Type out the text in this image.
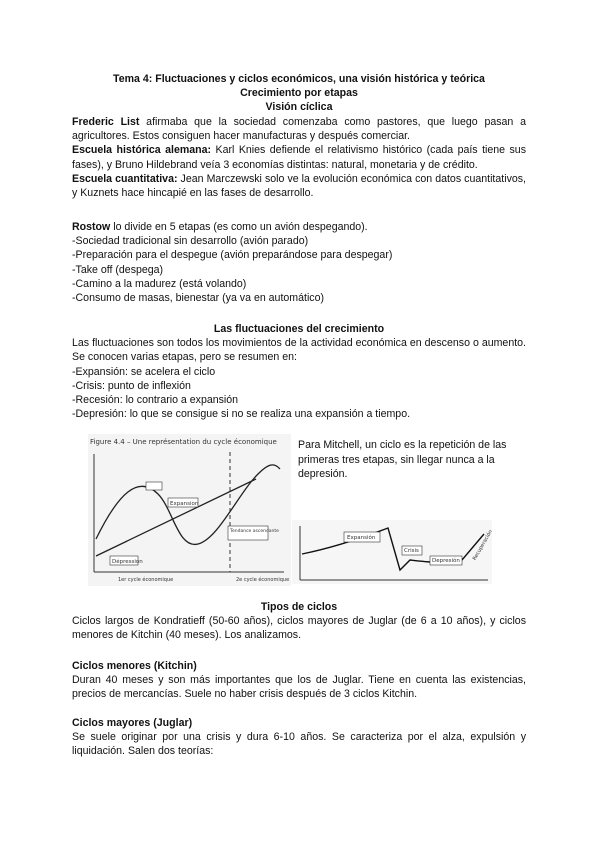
Tema 4: Fluctuaciones y ciclos económicos, una visión histórica y teórica

Crecimiento por etapas

Visión cíclica

Frederic List afirmaba que la sociedad comenzaba como pastores, que luego pasan a agricultores. Estos consiguen hacer manufacturas y después comerciar.

Escuela histórica alemana: Karl Knies defiende el relativismo histórico (cada país tiene sus fases), y Bruno Hildebrand veía 3 economías distintas: natural, monetaria y de crédito.

Escuela cuantitativa: Jean Marczewski solo ve la evolución económica con datos cuantitativos, y Kuznets hace hincapié en las fases de desarrollo.

Rostow lo divide en 5 etapas (es como un avión despegando).

-Sociedad tradicional sin desarrollo (avión parado)

-Preparación para el despegue (avión preparándose para despegar)

-Take off (despega)

-Camino a la madurez (está volando)

-Consumo de masas, bienestar (ya va en automático)

Las fluctuaciones del crecimiento

Las fluctuaciones son todos los movimientos de la actividad económica en descenso o aumento. Se conocen varias etapas, pero se resumen en:

-Expansión: se acelera el ciclo

-Crisis: punto de inflexión

-Recesión: lo contrario a expansión

-Depresión: lo que se consigue si no se realiza una expansión a tiempo.

Figure 4.4 – Une représentation du cycle économique
Expansion
Tendance ascendante
Dépression
1er cycle économique	2e cycle économique
Para Mitchell, un ciclo es la repetición de las primeras tres etapas, sin llegar nunca a la depresión.
Expansión
Crisis
Depresión Recuperación

Tipos de ciclos

Ciclos largos de Kondratieff (50-60 años), ciclos mayores de Juglar (de 6 a 10 años), y ciclos menores de Kitchin (40 meses). Los analizamos.

Ciclos menores (Kitchin)

Duran 40 meses y son más importantes que los de Juglar. Tiene en cuenta las existencias, precios de mercancías. Suele no haber crisis después de 3 ciclos Kitchin.

Ciclos mayores (Juglar)

Se suele originar por una crisis y dura 6-10 años. Se caracteriza por el alza, expulsión y liquidación. Salen dos teorías:
